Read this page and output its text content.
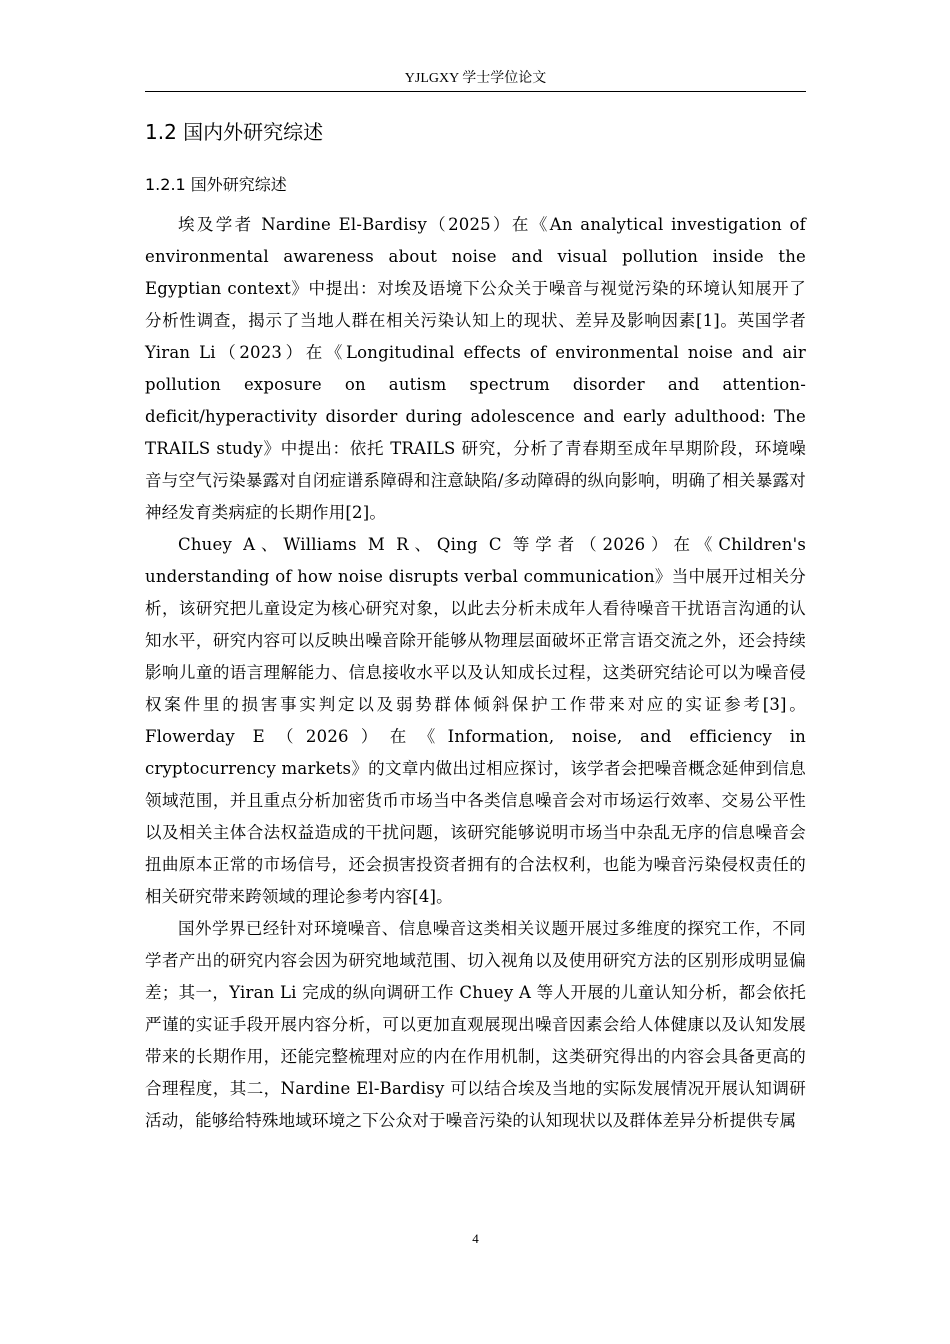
YJLGXY 学士学位论文
1.2 国内外研究综述
1.2.1 国外研究综述

埃及学者 Nardine El-Bardisy（2025）在《An analytical investigation of environmental awareness about noise and visual pollution inside the Egyptian context》中提出：对埃及语境下公众关于噪音与视觉污染的环境认知展开了分析性调查，揭示了当地人群在相关污染认知上的现状、差异及影响因素[1]。英国学者 Yiran Li（2023）在《Longitudinal effects of environmental noise and air pollution exposure on autism spectrum disorder and attention-deficit/hyperactivity disorder during adolescence and early adulthood: The TRAILS study》中提出：依托 TRAILS 研究，分析了青春期至成年早期阶段，环境噪音与空气污染暴露对自闭症谱系障碍和注意缺陷/多动障碍的纵向影响，明确了相关暴露对神经发育类病症的长期作用[2]。

Chuey A、Williams M R、Qing C 等学者（2026）在《Children's understanding of how noise disrupts verbal communication》当中展开过相关分析，该研究把儿童设定为核心研究对象，以此去分析未成年人看待噪音干扰语言沟通的认知水平，研究内容可以反映出噪音除开能够从物理层面破坏正常言语交流之外，还会持续影响儿童的语言理解能力、信息接收水平以及认知成长过程，这类研究结论可以为噪音侵权案件里的损害事实判定以及弱势群体倾斜保护工作带来对应的实证参考[3]。Flowerday E（2026）在《Information, noise, and efficiency in cryptocurrency markets》的文章内做出过相应探讨，该学者会把噪音概念延伸到信息领域范围，并且重点分析加密货币市场当中各类信息噪音会对市场运行效率、交易公平性以及相关主体合法权益造成的干扰问题，该研究能够说明市场当中杂乱无序的信息噪音会扭曲原本正常的市场信号，还会损害投资者拥有的合法权利，也能为噪音污染侵权责任的相关研究带来跨领域的理论参考内容[4]。

国外学界已经针对环境噪音、信息噪音这类相关议题开展过多维度的探究工作，不同学者产出的研究内容会因为研究地域范围、切入视角以及使用研究方法的区别形成明显偏差；其一，Yiran Li 完成的纵向调研工作 Chuey A 等人开展的儿童认知分析，都会依托严谨的实证手段开展内容分析，可以更加直观展现出噪音因素会给人体健康以及认知发展带来的长期作用，还能完整梳理对应的内在作用机制，这类研究得出的内容会具备更高的合理程度，其二，Nardine El-Bardisy 可以结合埃及当地的实际发展情况开展认知调研活动，能够给特殊地域环境之下公众对于噪音污染的认知现状以及群体差异分析提供专属

4
